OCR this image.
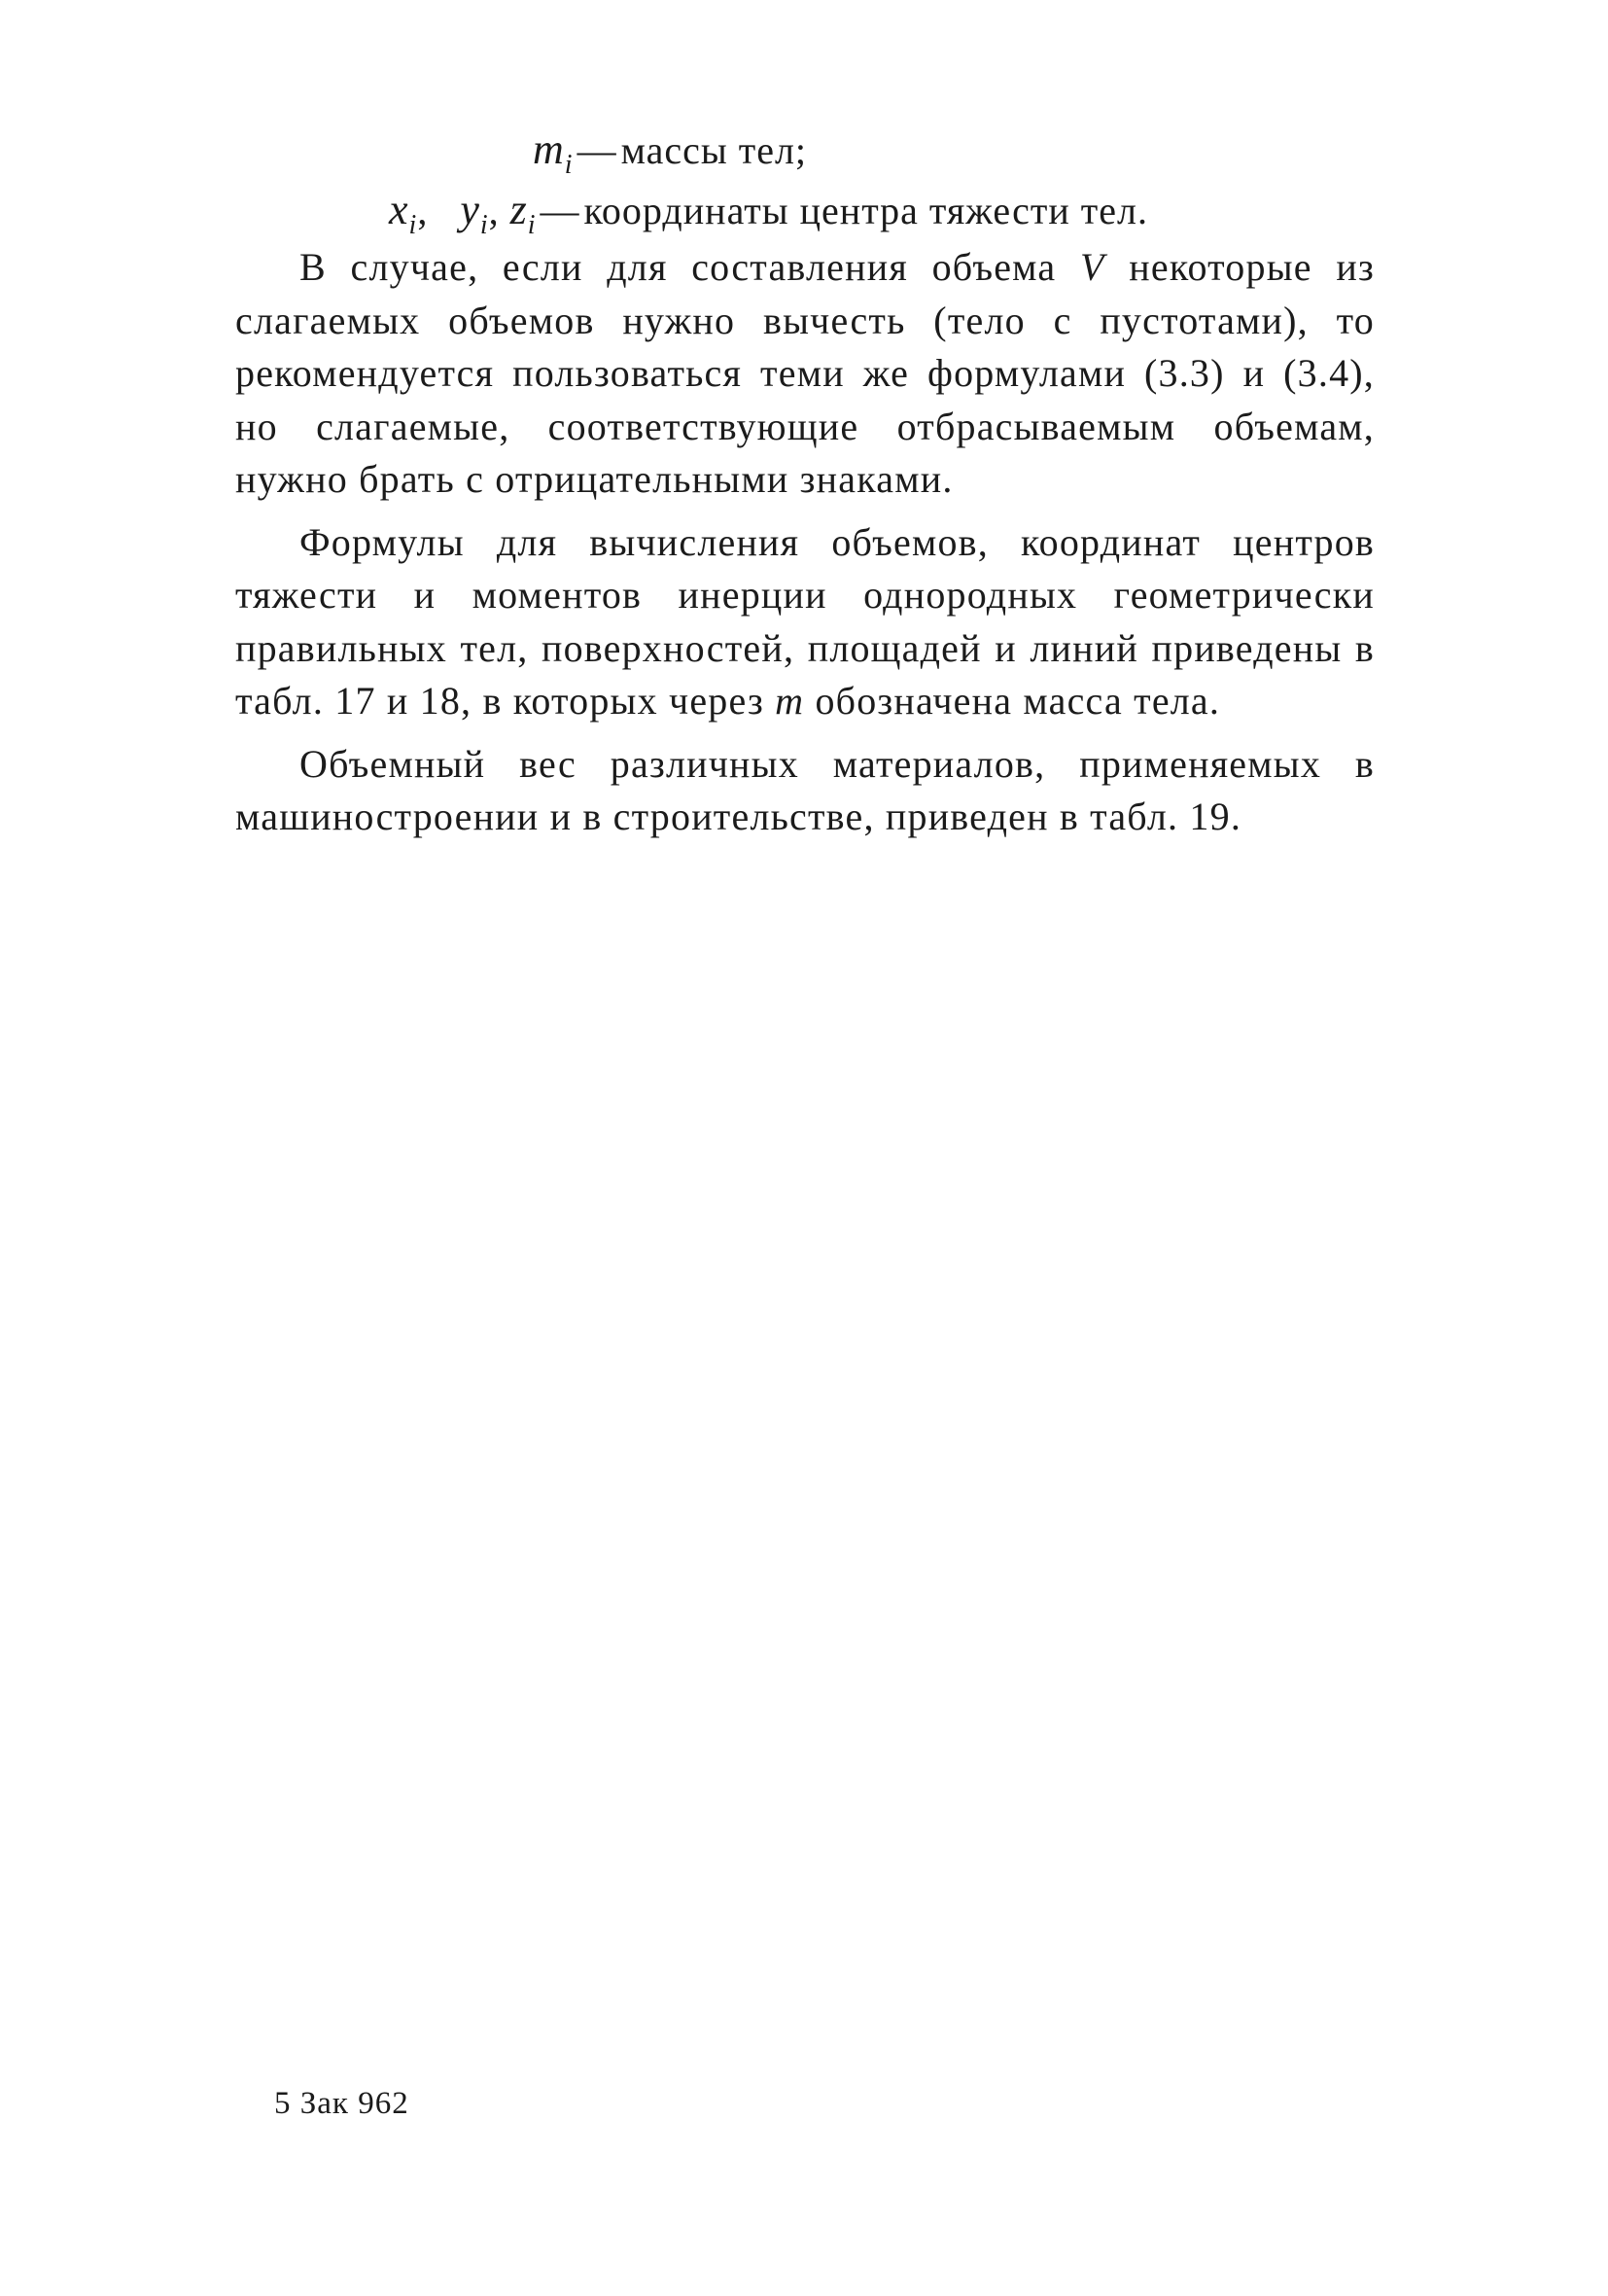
$m_i$ — массы тел;
$x_i$,   $y_i$, $z_i$ — координаты центра тяжести тел.

В случае, если для составления объема V некоторые из слагаемых объемов нужно вычесть (тело с пустотами), то рекомендуется пользоваться теми же формулами (3.3) и (3.4), но слагаемые, соответствующие отбрасываемым объемам, нужно брать с отрицательными знаками.

Формулы для вычисления объемов, координат центров тяжести и моментов инерции однородных геометрически правильных тел, поверхностей, площадей и линий приведены в табл. 17 и 18, в которых через m обозначена масса тела.

Объемный вес различных материалов, применяемых в машиностроении и в строительстве, приведен в табл. 19.

5 Зак 962
